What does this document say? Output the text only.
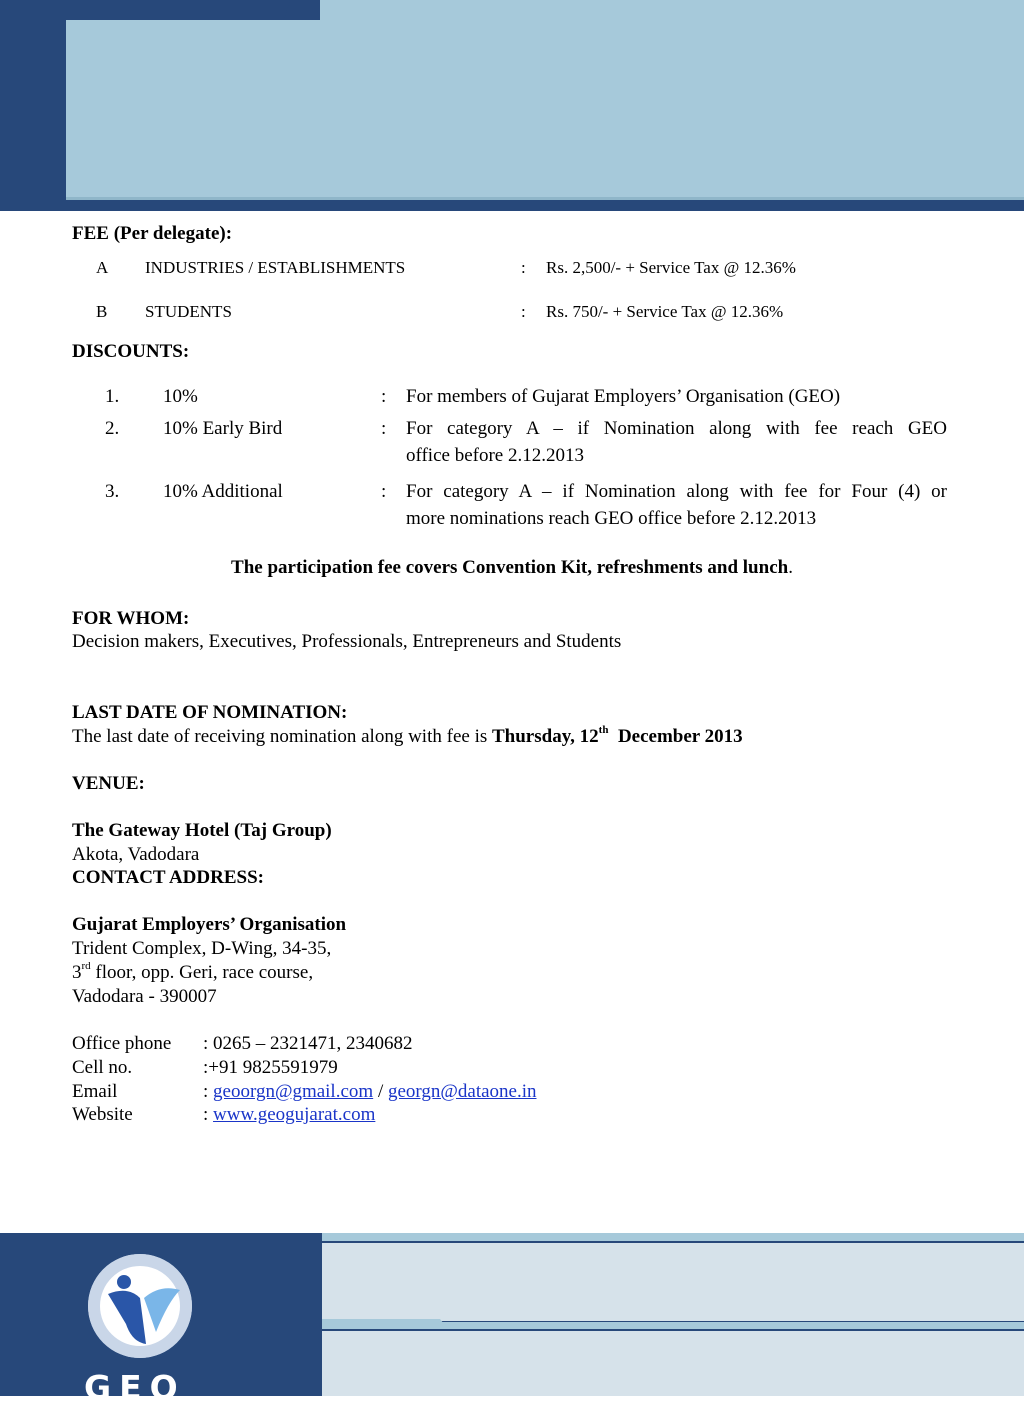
FEE (Per delegate):
A INDUSTRIES / ESTABLISHMENTS	: Rs. 2,500/- + Service Tax @ 12.36%
B STUDENTS	: Rs. 750/- + Service Tax @ 12.36%
DISCOUNTS:
1. 10%	: For members of Gujarat Employers’ Organisation (GEO)
2. 10% Early Bird	: For category A – if Nomination along with fee reach GEO
office before 2.12.2013
3. 10% Additional	: For category A – if Nomination along with fee for Four (4) or
more nominations reach GEO office before 2.12.2013
The participation fee covers Convention Kit, refreshments and lunch.
FOR WHOM:
Decision makers, Executives, Professionals, Entrepreneurs and Students
LAST DATE OF NOMINATION:
The last date of receiving nomination along with fee is Thursday, 12th  December 2013
VENUE:
The Gateway Hotel (Taj Group)
Akota, Vadodara
CONTACT ADDRESS:
Gujarat Employers’ Organisation
Trident Complex, D-Wing, 34-35,
3rd floor, opp. Geri, race course,
Vadodara - 390007
Office phone : 0265 – 2321471, 2340682
Cell no.	:+91 9825591979
Email	: geoorgn@gmail.com / georgn@dataone.in
Website	: www.geogujarat.com
GEO
